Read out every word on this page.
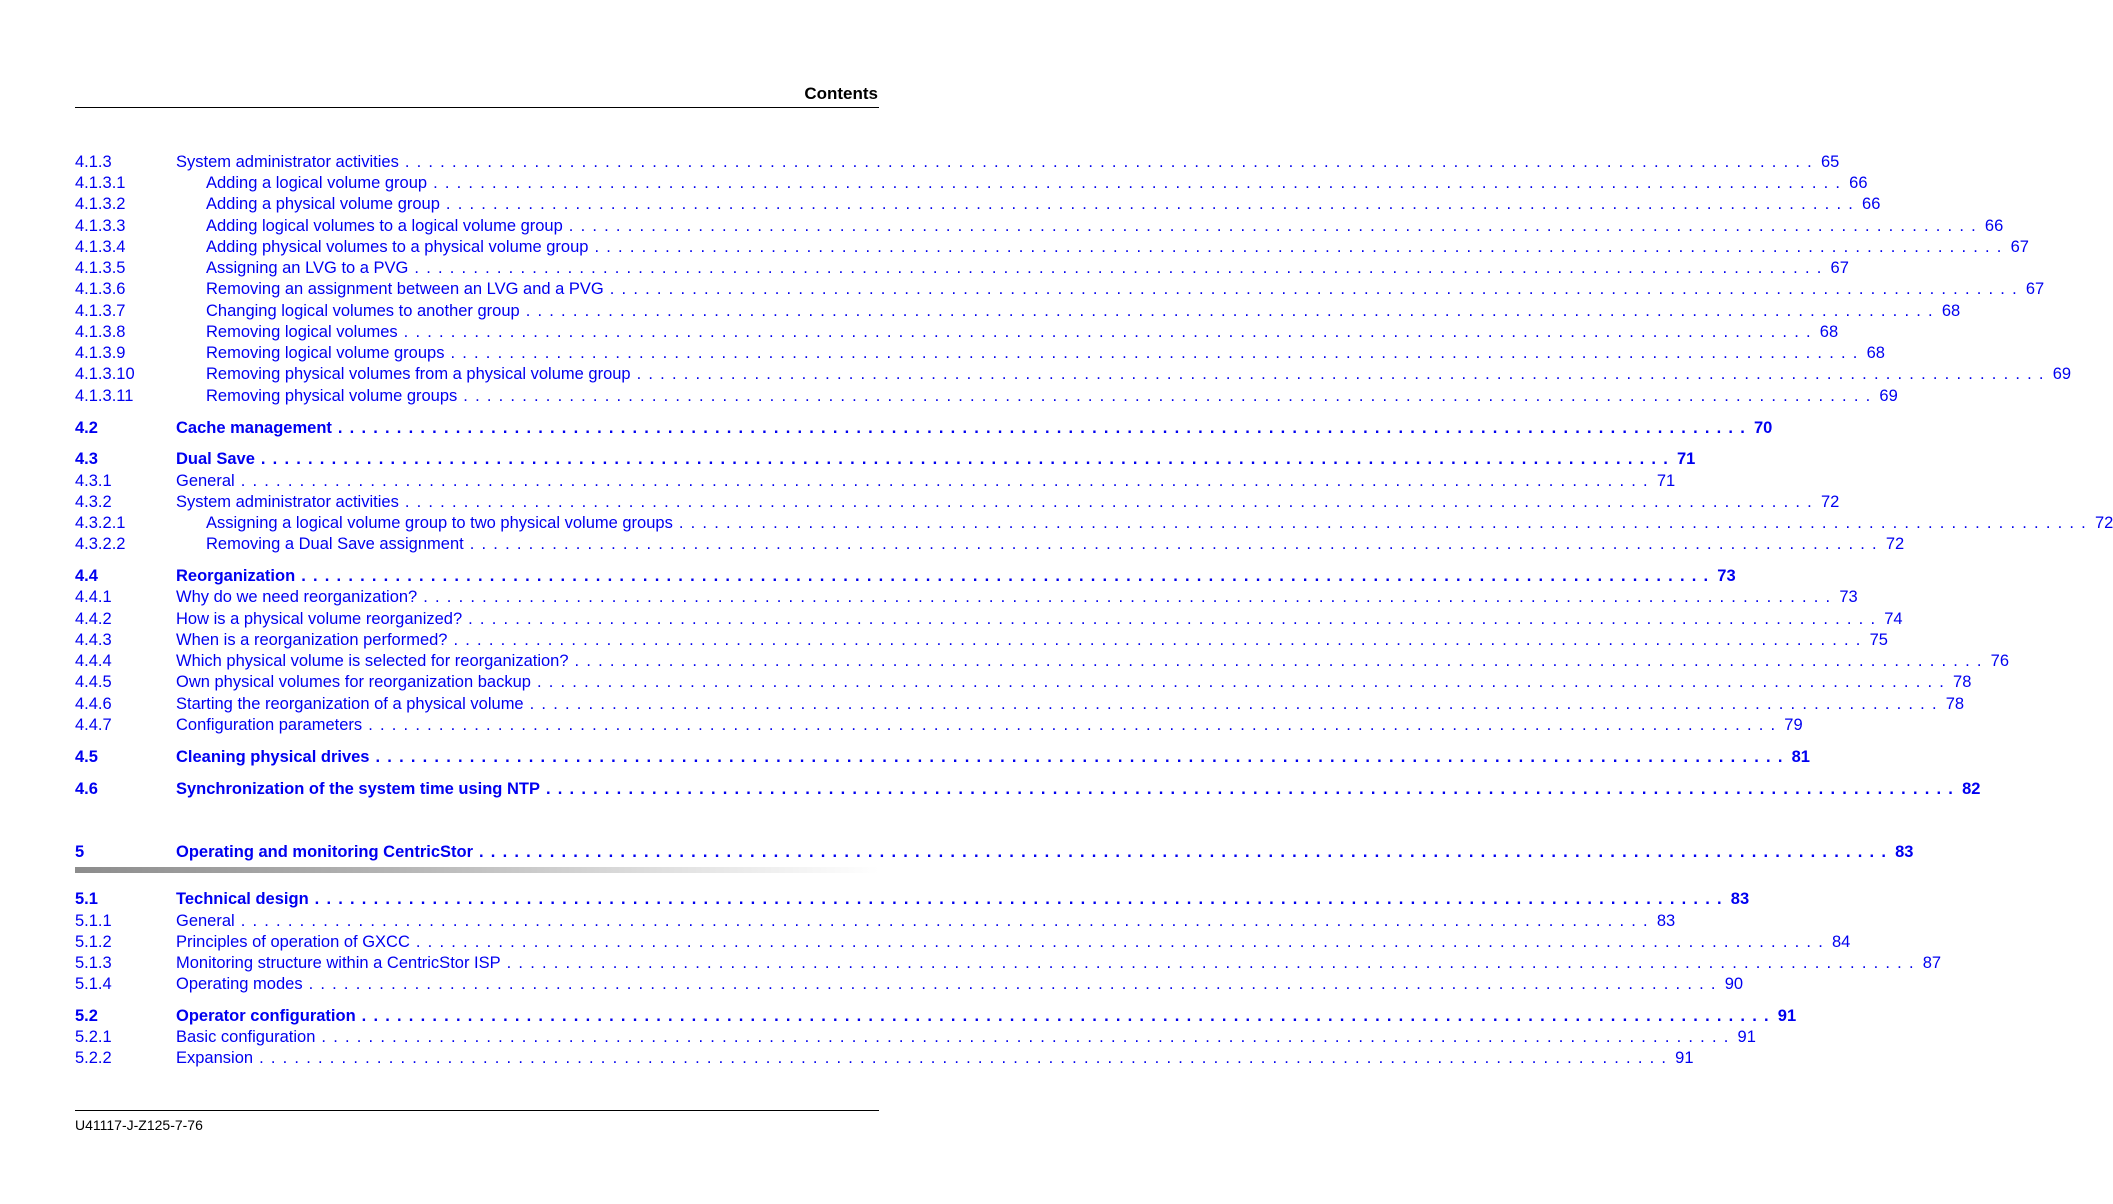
Contents
4.1.3	System administrator activities ........................................................................................................................ 65
4.1.3.1	Adding a logical volume group ........................................................................................................................ 66
4.1.3.2	Adding a physical volume group ........................................................................................................................ 66
4.1.3.3	Adding logical volumes to a logical volume group ........................................................................................................................ 66
4.1.3.4	Adding physical volumes to a physical volume group ........................................................................................................................ 67
4.1.3.5	Assigning an LVG to a PVG ........................................................................................................................ 67
4.1.3.6	Removing an assignment between an LVG and a PVG ........................................................................................................................ 67
4.1.3.7	Changing logical volumes to another group ........................................................................................................................ 68
4.1.3.8	Removing logical volumes ........................................................................................................................ 68
4.1.3.9	Removing logical volume groups ........................................................................................................................ 68
4.1.3.10	Removing physical volumes from a physical volume group ........................................................................................................................ 69
4.1.3.11	Removing physical volume groups ........................................................................................................................ 69
4.2	Cache management ........................................................................................................................ 70
4.3	Dual Save ........................................................................................................................ 71
4.3.1	General ........................................................................................................................ 71
4.3.2	System administrator activities ........................................................................................................................ 72
4.3.2.1	Assigning a logical volume group to two physical volume groups ........................................................................................................................ 72
4.3.2.2	Removing a Dual Save assignment ........................................................................................................................ 72
4.4	Reorganization ........................................................................................................................ 73
4.4.1	Why do we need reorganization? ........................................................................................................................ 73
4.4.2	How is a physical volume reorganized? ........................................................................................................................ 74
4.4.3	When is a reorganization performed? ........................................................................................................................ 75
4.4.4	Which physical volume is selected for reorganization? ........................................................................................................................ 76
4.4.5	Own physical volumes for reorganization backup ........................................................................................................................ 78
4.4.6	Starting the reorganization of a physical volume ........................................................................................................................ 78
4.4.7	Configuration parameters ........................................................................................................................ 79
4.5	Cleaning physical drives ........................................................................................................................ 81
4.6	Synchronization of the system time using NTP ........................................................................................................................ 82
5	Operating and monitoring CentricStor ........................................................................................................................ 83
5.1	Technical design ........................................................................................................................ 83
5.1.1	General ........................................................................................................................ 83
5.1.2	Principles of operation of GXCC ........................................................................................................................ 84
5.1.3	Monitoring structure within a CentricStor ISP ........................................................................................................................ 87
5.1.4	Operating modes ........................................................................................................................ 90
5.2	Operator configuration ........................................................................................................................ 91
5.2.1	Basic configuration ........................................................................................................................ 91
5.2.2	Expansion ........................................................................................................................ 91
U41117-J-Z125-7-76
